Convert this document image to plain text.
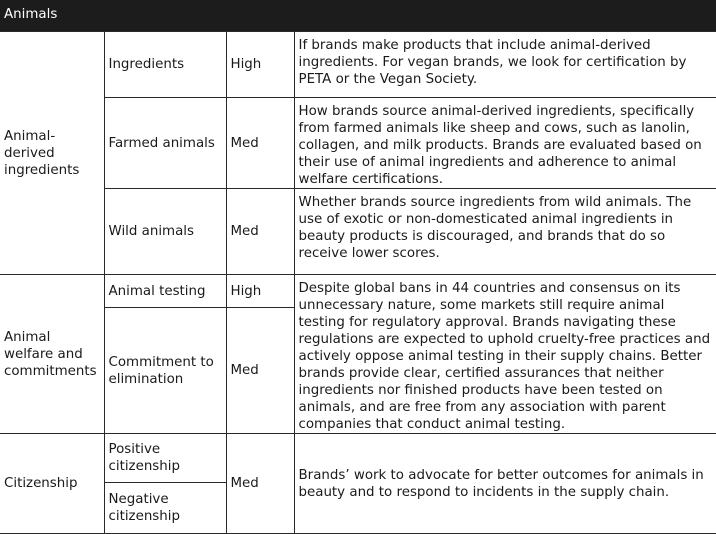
Animals
Animal-derived ingredients	Ingredients	High	If brands make products that include animal-derived ingredients. For vegan brands, we look for certification by PETA or the Vegan Society.
	Farmed animals	Med	How brands source animal-derived ingredients, specifically from farmed animals like sheep and cows, such as lanolin, collagen, and milk products. Brands are evaluated based on their use of animal ingredients and adherence to animal welfare certifications.
	Wild animals	Med	Whether brands source ingredients from wild animals. The use of exotic or non-domesticated animal ingredients in beauty products is discouraged, and brands that do so receive lower scores.
Animal welfare and commitments	Animal testing	High	Despite global bans in 44 countries and consensus on its unnecessary nature, some markets still require animal testing for regulatory approval. Brands navigating these regulations are expected to uphold cruelty-free practices and actively oppose animal testing in their supply chains. Better brands provide clear, certified assurances that neither ingredients nor finished products have been tested on animals, and are free from any association with parent companies that conduct animal testing.
	Commitment to elimination	Med	
Citizenship	Positive citizenship	Med	Brands’ work to advocate for better outcomes for animals in beauty and to respond to incidents in the supply chain.
	Negative citizenship		
